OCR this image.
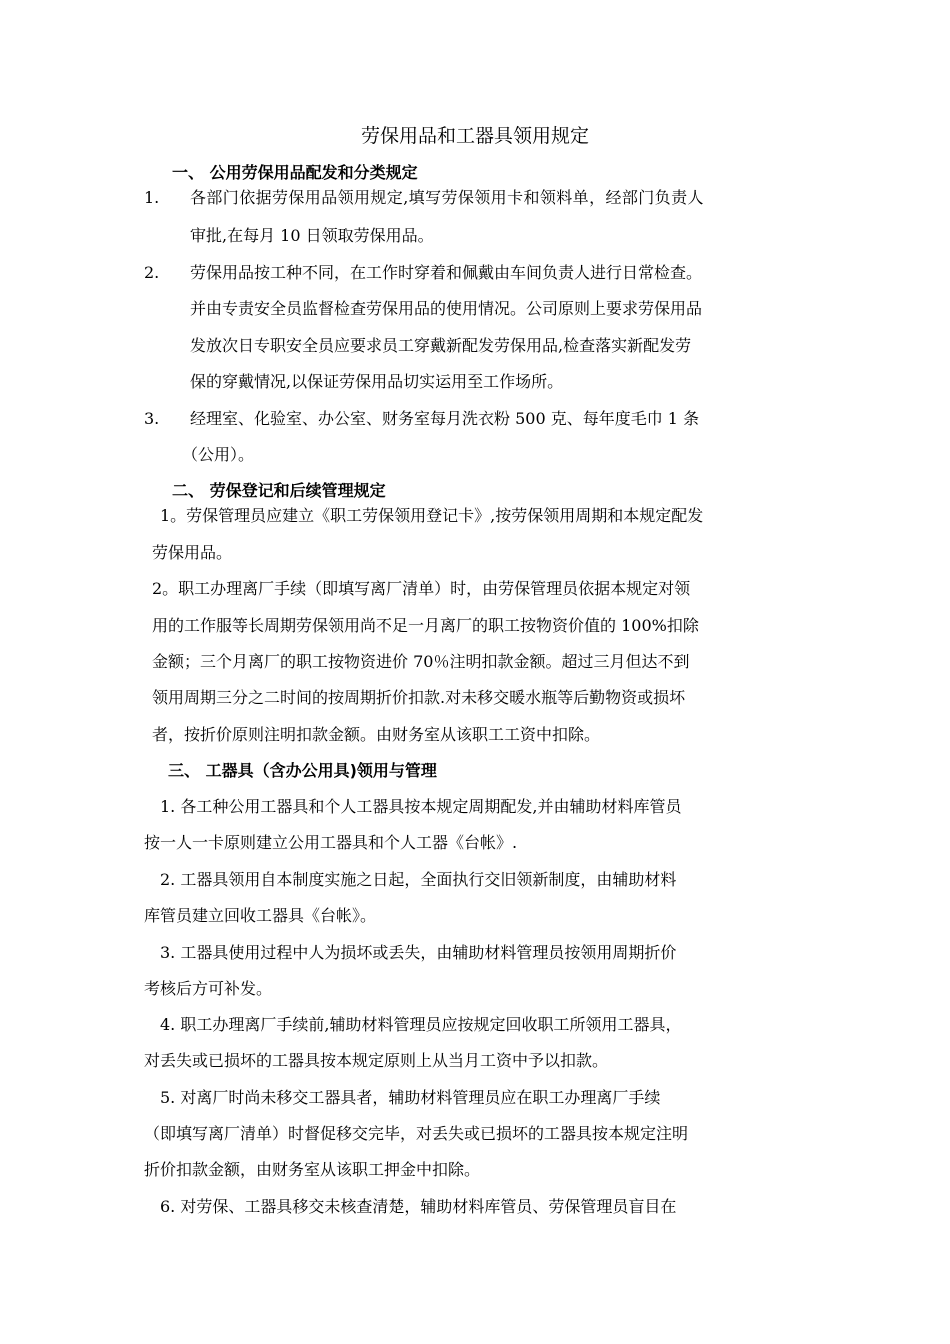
劳保用品和工器具领用规定
一、 公用劳保用品配发和分类规定
1. 各部门依据劳保用品领用规定,填写劳保领用卡和领料单，经部门负责人
审批,在每月 10 日领取劳保用品。
2. 劳保用品按工种不同，在工作时穿着和佩戴由车间负责人进行日常检查。
并由专责安全员监督检查劳保用品的使用情况。公司原则上要求劳保用品
发放次日专职安全员应要求员工穿戴新配发劳保用品,检查落实新配发劳
保的穿戴情况,以保证劳保用品切实运用至工作场所。
3. 经理室、化验室、办公室、财务室每月洗衣粉 500 克、每年度毛巾 1 条
（公用）。
二、 劳保登记和后续管理规定
1。劳保管理员应建立《职工劳保领用登记卡》,按劳保领用周期和本规定配发
劳保用品。
2。职工办理离厂手续（即填写离厂清单）时，由劳保管理员依据本规定对领
用的工作服等长周期劳保领用尚不足一月离厂的职工按物资价值的 100%扣除
金额；三个月离厂的职工按物资进价 70％注明扣款金额。超过三月但达不到
领用周期三分之二时间的按周期折价扣款.对未移交暖水瓶等后勤物资或损坏
者，按折价原则注明扣款金额。由财务室从该职工工资中扣除。
三、 工器具（含办公用具)领用与管理
1. 各工种公用工器具和个人工器具按本规定周期配发,并由辅助材料库管员
按一人一卡原则建立公用工器具和个人工器《台帐》.
2. 工器具领用自本制度实施之日起，全面执行交旧领新制度，由辅助材料
库管员建立回收工器具《台帐》。
3. 工器具使用过程中人为损坏或丢失，由辅助材料管理员按领用周期折价
考核后方可补发。
4. 职工办理离厂手续前,辅助材料管理员应按规定回收职工所领用工器具，
对丢失或已损坏的工器具按本规定原则上从当月工资中予以扣款。
5. 对离厂时尚未移交工器具者，辅助材料管理员应在职工办理离厂手续
（即填写离厂清单）时督促移交完毕，对丢失或已损坏的工器具按本规定注明
折价扣款金额，由财务室从该职工押金中扣除。
6. 对劳保、工器具移交未核查清楚，辅助材料库管员、劳保管理员盲目在
